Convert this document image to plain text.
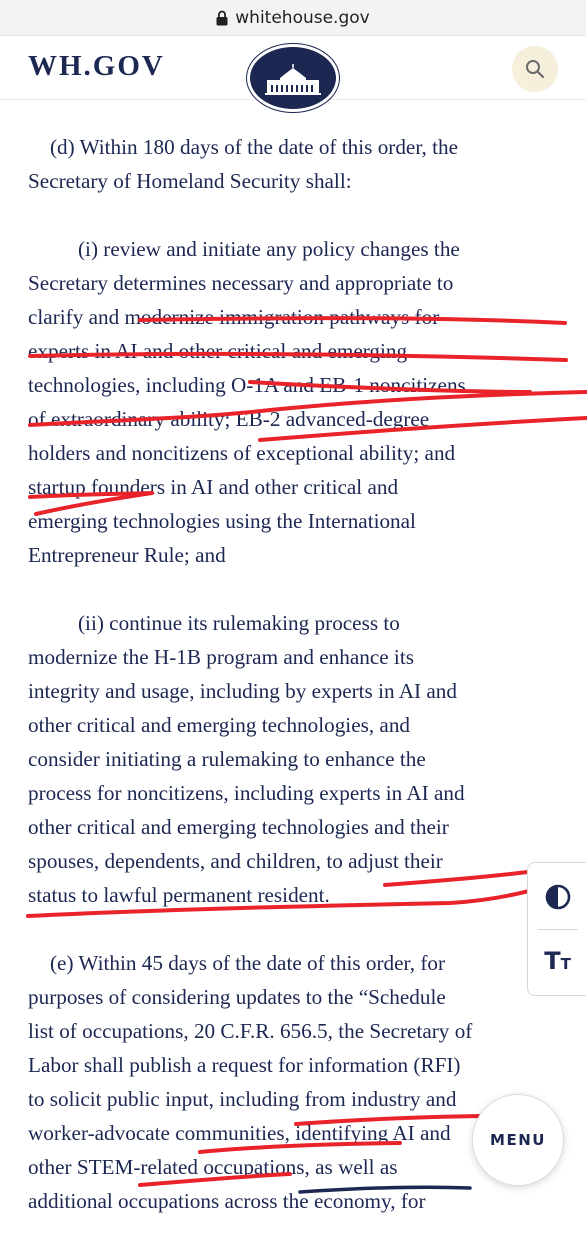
whitehouse.gov
WH.GOV
(d) Within 180 days of the date of this order, the
Secretary of Homeland Security shall:
(i) review and initiate any policy changes the
Secretary determines necessary and appropriate to
clarify and modernize immigration pathways for
experts in AI and other critical and emerging
technologies, including O-1A and EB-1 noncitizens
of extraordinary ability; EB-2 advanced-degree
holders and noncitizens of exceptional ability; and
startup founders in AI and other critical and
emerging technologies using the International
Entrepreneur Rule; and
(ii) continue its rulemaking process to
modernize the H-1B program and enhance its
integrity and usage, including by experts in AI and
other critical and emerging technologies, and
consider initiating a rulemaking to enhance the
process for noncitizens, including experts in AI and
other critical and emerging technologies and their
spouses, dependents, and children, to adjust their
status to lawful permanent resident.
(e) Within 45 days of the date of this order, for
purposes of considering updates to the “Schedule
list of occupations, 20 C.F.R. 656.5, the Secretary of
Labor shall publish a request for information (RFI)
to solicit public input, including from industry and
worker-advocate communities, identifying AI and
other STEM-related occupations, as well as
additional occupations across the economy, for
TT
MENU
